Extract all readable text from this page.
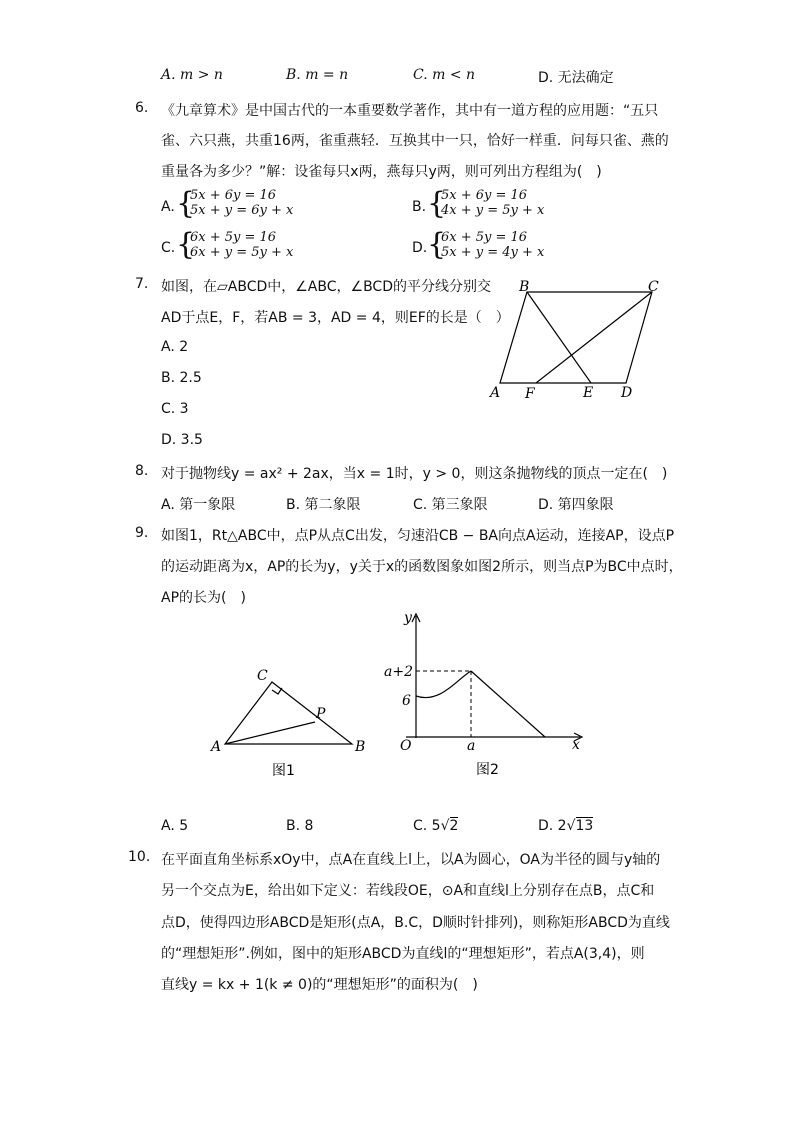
A. m > n	B. m = n	C. m < n	D. 无法确定
6. 《九章算术》是中国古代的一本重要数学著作，其中有一道方程的应用题：“五只
雀、六只燕，共重16两，雀重燕轻．互换其中一只，恰好一样重．问每只雀、燕的
重量各为多少？”解：设雀每只x两，燕每只y两，则可列出方程组为(　)
A. {
5x + 6y = 16
5x + y = 6y + x	B. {
5x + 6y = 16
4x + y = 5y + x
C. {
6x + 5y = 16
6x + y = 5y + x	D. {
6x + 5y = 16
5x + y = 4y + x
7. 如图，在▱ABCD中，∠ABC，∠BCD的平分线分别交
AD于点E，F，若AB = 3，AD = 4，则EF的长是（　）
A. 2
B. 2.5
C. 3
D. 3.5
A
B	C
D
E
F
8. 对于抛物线y = ax² + 2ax，当x = 1时，y > 0，则这条抛物线的顶点一定在(　)
A. 第一象限	B. 第二象限	C. 第三象限	D. 第四象限
9. 如图1，Rt△ABC中，点P从点C出发，匀速沿CB − BA向点A运动，连接AP，设点P
的运动距离为x，AP的长为y，y关于x的函数图象如图2所示，则当点P为BC中点时，
AP的长为(　)
C
P
A	B
图1
y
x
O
a+2
6
a
图2
A. 5	B. 8	C. 5√2	D. 2√13
10. 在平面直角坐标系xOy中，点A在直线上l上，以A为圆心，OA为半径的圆与y轴的
另一个交点为E，给出如下定义：若线段OE，⊙A和直线l上分别存在点B，点C和
点D，使得四边形ABCD是矩形(点A，B.C，D顺时针排列)，则称矩形ABCD为直线
的“理想矩形”.例如，图中的矩形ABCD为直线l的“理想矩形”，若点A(3,4)，则
直线y = kx + 1(k ≠ 0)的“理想矩形”的面积为(　)
